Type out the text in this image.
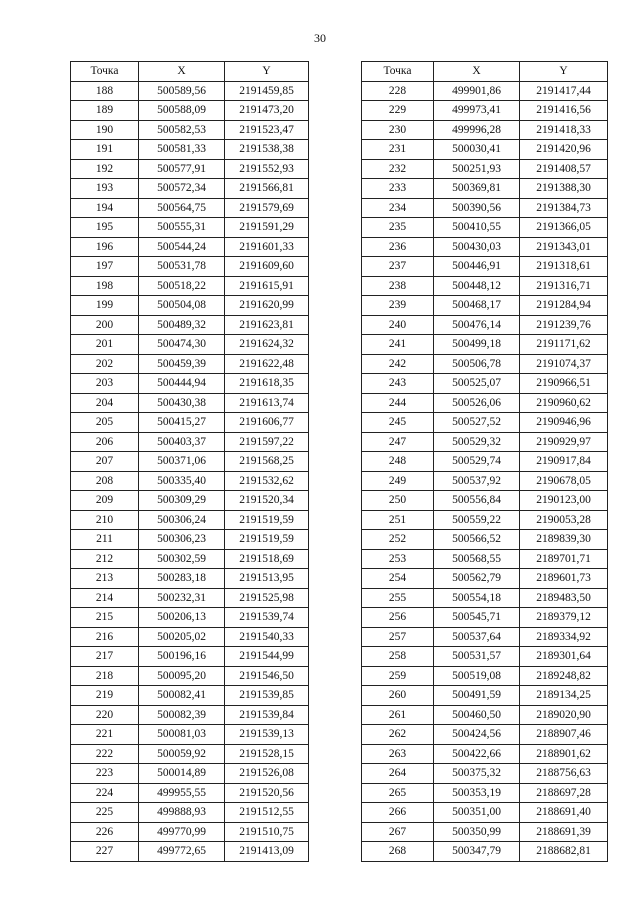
30
Точка	X	Y
188	500589,56	2191459,85
189	500588,09	2191473,20
190	500582,53	2191523,47
191	500581,33	2191538,38
192	500577,91	2191552,93
193	500572,34	2191566,81
194	500564,75	2191579,69
195	500555,31	2191591,29
196	500544,24	2191601,33
197	500531,78	2191609,60
198	500518,22	2191615,91
199	500504,08	2191620,99
200	500489,32	2191623,81
201	500474,30	2191624,32
202	500459,39	2191622,48
203	500444,94	2191618,35
204	500430,38	2191613,74
205	500415,27	2191606,77
206	500403,37	2191597,22
207	500371,06	2191568,25
208	500335,40	2191532,62
209	500309,29	2191520,34
210	500306,24	2191519,59
211	500306,23	2191519,59
212	500302,59	2191518,69
213	500283,18	2191513,95
214	500232,31	2191525,98
215	500206,13	2191539,74
216	500205,02	2191540,33
217	500196,16	2191544,99
218	500095,20	2191546,50
219	500082,41	2191539,85
220	500082,39	2191539,84
221	500081,03	2191539,13
222	500059,92	2191528,15
223	500014,89	2191526,08
224	499955,55	2191520,56
225	499888,93	2191512,55
226	499770,99	2191510,75
227	499772,65	2191413,09
Точка	X	Y
228	499901,86	2191417,44
229	499973,41	2191416,56
230	499996,28	2191418,33
231	500030,41	2191420,96
232	500251,93	2191408,57
233	500369,81	2191388,30
234	500390,56	2191384,73
235	500410,55	2191366,05
236	500430,03	2191343,01
237	500446,91	2191318,61
238	500448,12	2191316,71
239	500468,17	2191284,94
240	500476,14	2191239,76
241	500499,18	2191171,62
242	500506,78	2191074,37
243	500525,07	2190966,51
244	500526,06	2190960,62
245	500527,52	2190946,96
247	500529,32	2190929,97
248	500529,74	2190917,84
249	500537,92	2190678,05
250	500556,84	2190123,00
251	500559,22	2190053,28
252	500566,52	2189839,30
253	500568,55	2189701,71
254	500562,79	2189601,73
255	500554,18	2189483,50
256	500545,71	2189379,12
257	500537,64	2189334,92
258	500531,57	2189301,64
259	500519,08	2189248,82
260	500491,59	2189134,25
261	500460,50	2189020,90
262	500424,56	2188907,46
263	500422,66	2188901,62
264	500375,32	2188756,63
265	500353,19	2188697,28
266	500351,00	2188691,40
267	500350,99	2188691,39
268	500347,79	2188682,81
